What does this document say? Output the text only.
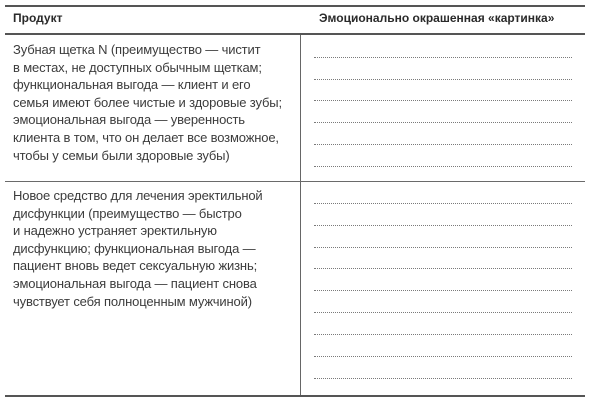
Продукт	Эмоционально окрашенная «картинка»
Зубная щетка N (преимущество — чистит
в местах, не доступных обычным щеткам;
функциональная выгода — клиент и его
семья имеют более чистые и здоровые зубы;
эмоциональная выгода — уверенность
клиента в том, что он делает все возможное,
чтобы у семьи были здоровые зубы)
Новое средство для лечения эректильной
дисфункции (преимущество — быстро
и надежно устраняет эректильную
дисфункцию; функциональная выгода —
пациент вновь ведет сексуальную жизнь;
эмоциональная выгода — пациент снова
чувствует себя полноценным мужчиной)
